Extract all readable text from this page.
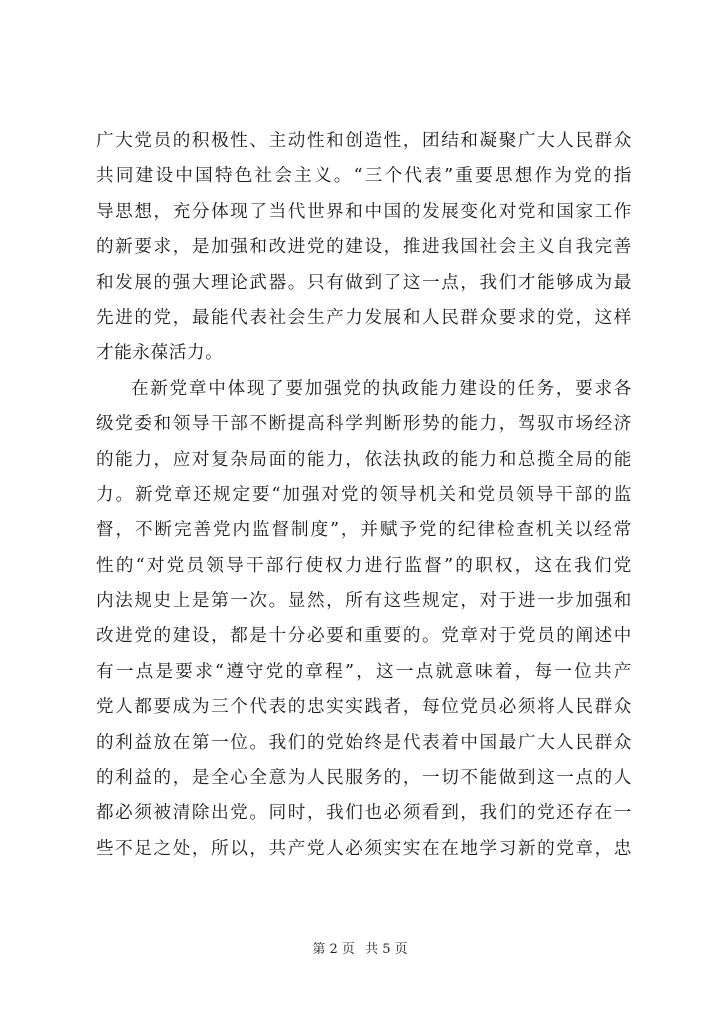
广大党员的积极性、主动性和创造性，团结和凝聚广大人民群众
共同建设中国特色社会主义。“三个代表”重要思想作为党的指
导思想，充分体现了当代世界和中国的发展变化对党和国家工作
的新要求，是加强和改进党的建设，推进我国社会主义自我完善
和发展的强大理论武器。只有做到了这一点，我们才能够成为最
先进的党，最能代表社会生产力发展和人民群众要求的党，这样
才能永葆活力。
在新党章中体现了要加强党的执政能力建设的任务，要求各
级党委和领导干部不断提高科学判断形势的能力，驾驭市场经济
的能力，应对复杂局面的能力，依法执政的能力和总揽全局的能
力。新党章还规定要“加强对党的领导机关和党员领导干部的监
督，不断完善党内监督制度”，并赋予党的纪律检查机关以经常
性的“对党员领导干部行使权力进行监督”的职权，这在我们党
内法规史上是第一次。显然，所有这些规定，对于进一步加强和
改进党的建设，都是十分必要和重要的。党章对于党员的阐述中
有一点是要求“遵守党的章程”，这一点就意味着，每一位共产
党人都要成为三个代表的忠实实践者，每位党员必须将人民群众
的利益放在第一位。我们的党始终是代表着中国最广大人民群众
的利益的，是全心全意为人民服务的，一切不能做到这一点的人
都必须被清除出党。同时，我们也必须看到，我们的党还存在一
些不足之处，所以，共产党人必须实实在在地学习新的党章，忠
第 2 页 共 5 页
